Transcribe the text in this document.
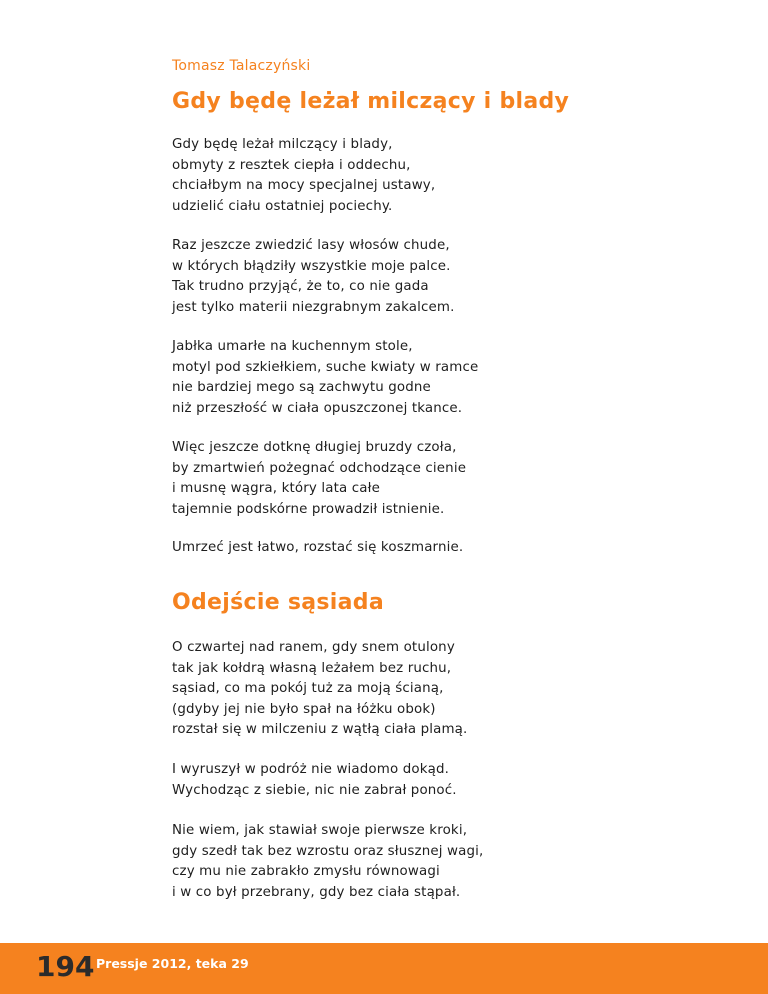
Tomasz Talaczyński
Gdy będę leżał milczący i blady
Gdy będę leżał milczący i blady,
obmyty z resztek ciepła i oddechu,
chciałbym na mocy specjalnej ustawy,
udzielić ciału ostatniej pociechy.
Raz jeszcze zwiedzić lasy włosów chude,
w których błądziły wszystkie moje palce.
Tak trudno przyjąć, że to, co nie gada
jest tylko materii niezgrabnym zakalcem.
Jabłka umarłe na kuchennym stole,
motyl pod szkiełkiem, suche kwiaty w ramce
nie bardziej mego są zachwytu godne
niż przeszłość w ciała opuszczonej tkance.
Więc jeszcze dotknę długiej bruzdy czoła,
by zmartwień pożegnać odchodzące cienie
i musnę wągra, który lata całe
tajemnie podskórne prowadził istnienie.
Umrzeć jest łatwo, rozstać się koszmarnie.
Odejście sąsiada
O czwartej nad ranem, gdy snem otulony
tak jak kołdrą własną leżałem bez ruchu,
sąsiad, co ma pokój tuż za moją ścianą,
(gdyby jej nie było spał na łóżku obok)
rozstał się w milczeniu z wątłą ciała plamą.
I wyruszył w podróż nie wiadomo dokąd.
Wychodząc z siebie, nic nie zabrał ponoć.
Nie wiem, jak stawiał swoje pierwsze kroki,
gdy szedł tak bez wzrostu oraz słusznej wagi,
czy mu nie zabrakło zmysłu równowagi
i w co był przebrany, gdy bez ciała stąpał.
194 Pressje 2012, teka 29
